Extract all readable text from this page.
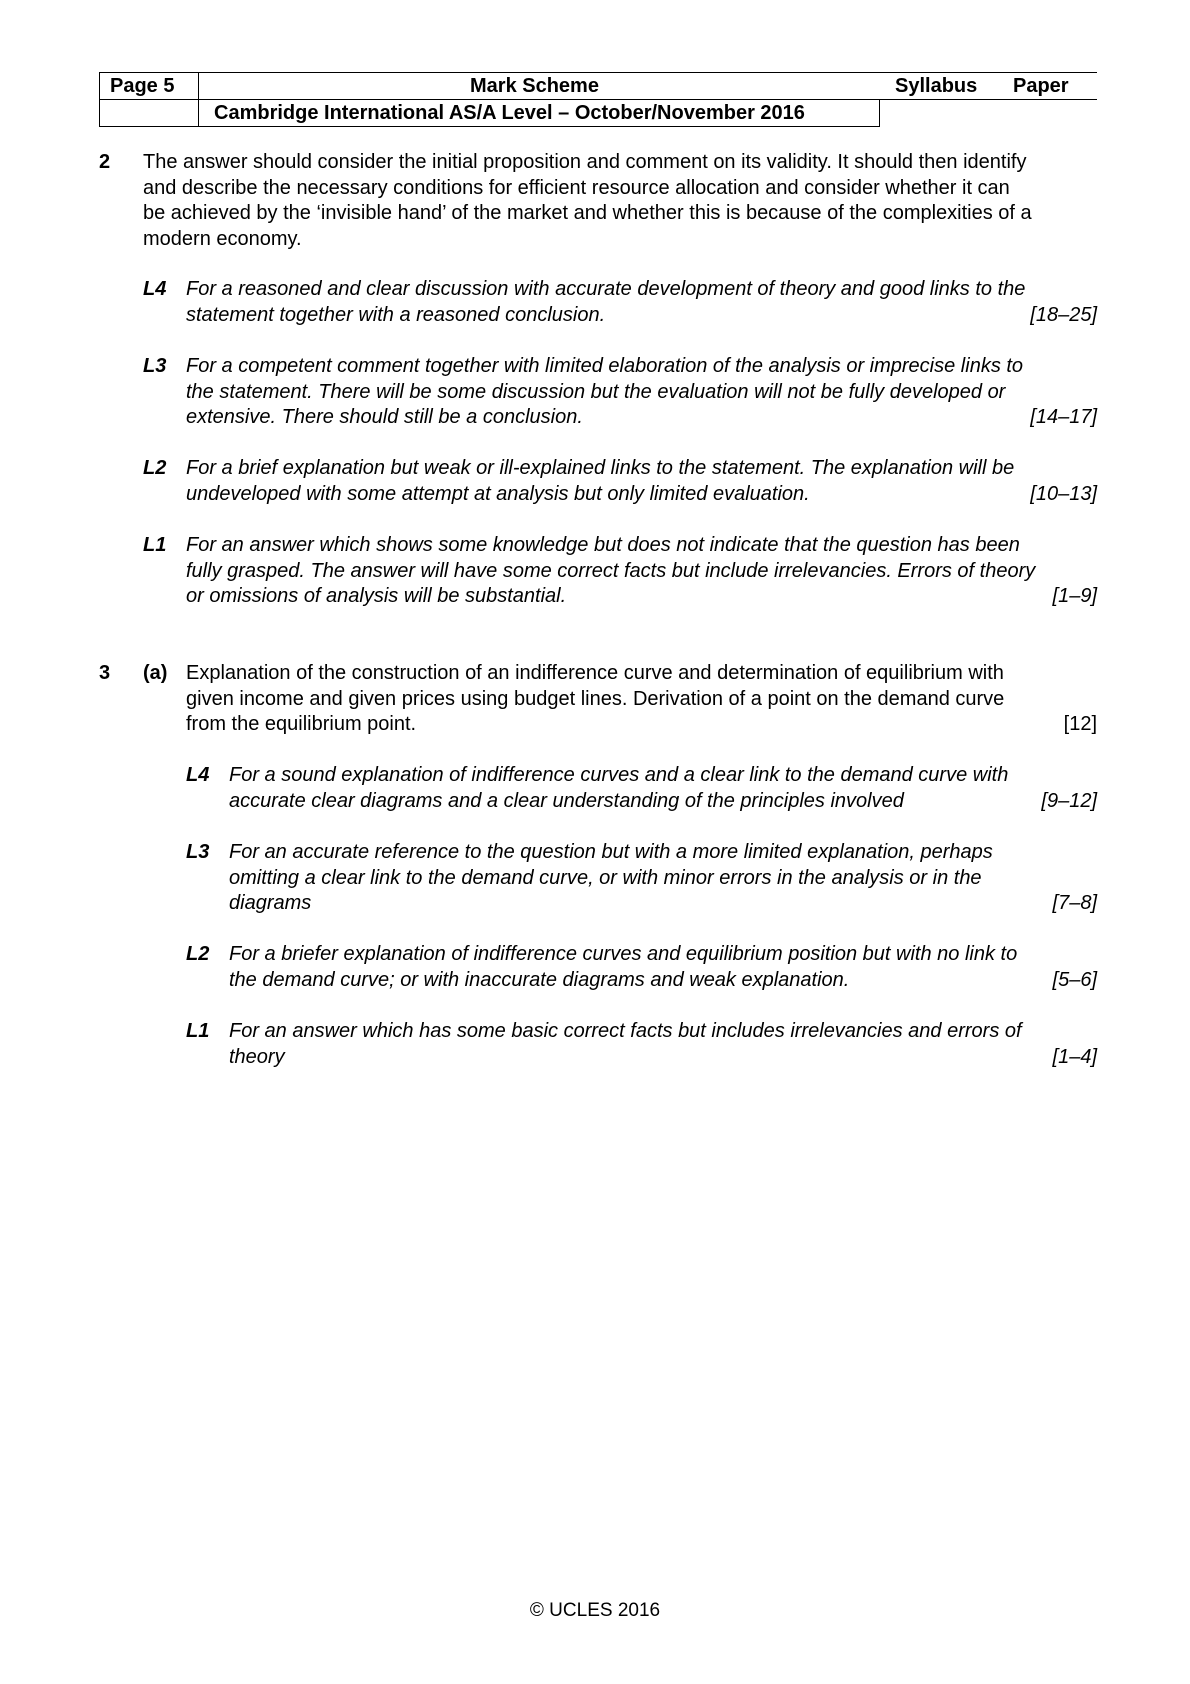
Page 5	Mark Scheme	Syllabus Paper
Cambridge International AS/A Level – October/November 2016
2 The answer should consider the initial proposition and comment on its validity. It should then identify
and describe the necessary conditions for efficient resource allocation and consider whether it can
be achieved by the ‘invisible hand’ of the market and whether this is because of the complexities of a
modern economy.
L4 For a reasoned and clear discussion with accurate development of theory and good links to the
statement together with a reasoned conclusion.	[18–25]
L3 For a competent comment together with limited elaboration of the analysis or imprecise links to
the statement. There will be some discussion but the evaluation will not be fully developed or
extensive. There should still be a conclusion.	[14–17]
L2 For a brief explanation but weak or ill-explained links to the statement. The explanation will be
undeveloped with some attempt at analysis but only limited evaluation.	[10–13]
L1 For an answer which shows some knowledge but does not indicate that the question has been
fully grasped. The answer will have some correct facts but include irrelevancies. Errors of theory
or omissions of analysis will be substantial.	[1–9]
3 (a) Explanation of the construction of an indifference curve and determination of equilibrium with
given income and given prices using budget lines. Derivation of a point on the demand curve
from the equilibrium point.	[12]
L4 For a sound explanation of indifference curves and a clear link to the demand curve with
accurate clear diagrams and a clear understanding of the principles involved	[9–12]
L3 For an accurate reference to the question but with a more limited explanation, perhaps
omitting a clear link to the demand curve, or with minor errors in the analysis or in the
diagrams	[7–8]
L2 For a briefer explanation of indifference curves and equilibrium position but with no link to
the demand curve; or with inaccurate diagrams and weak explanation.	[5–6]
L1 For an answer which has some basic correct facts but includes irrelevancies and errors of
theory	[1–4]
© UCLES 2016
